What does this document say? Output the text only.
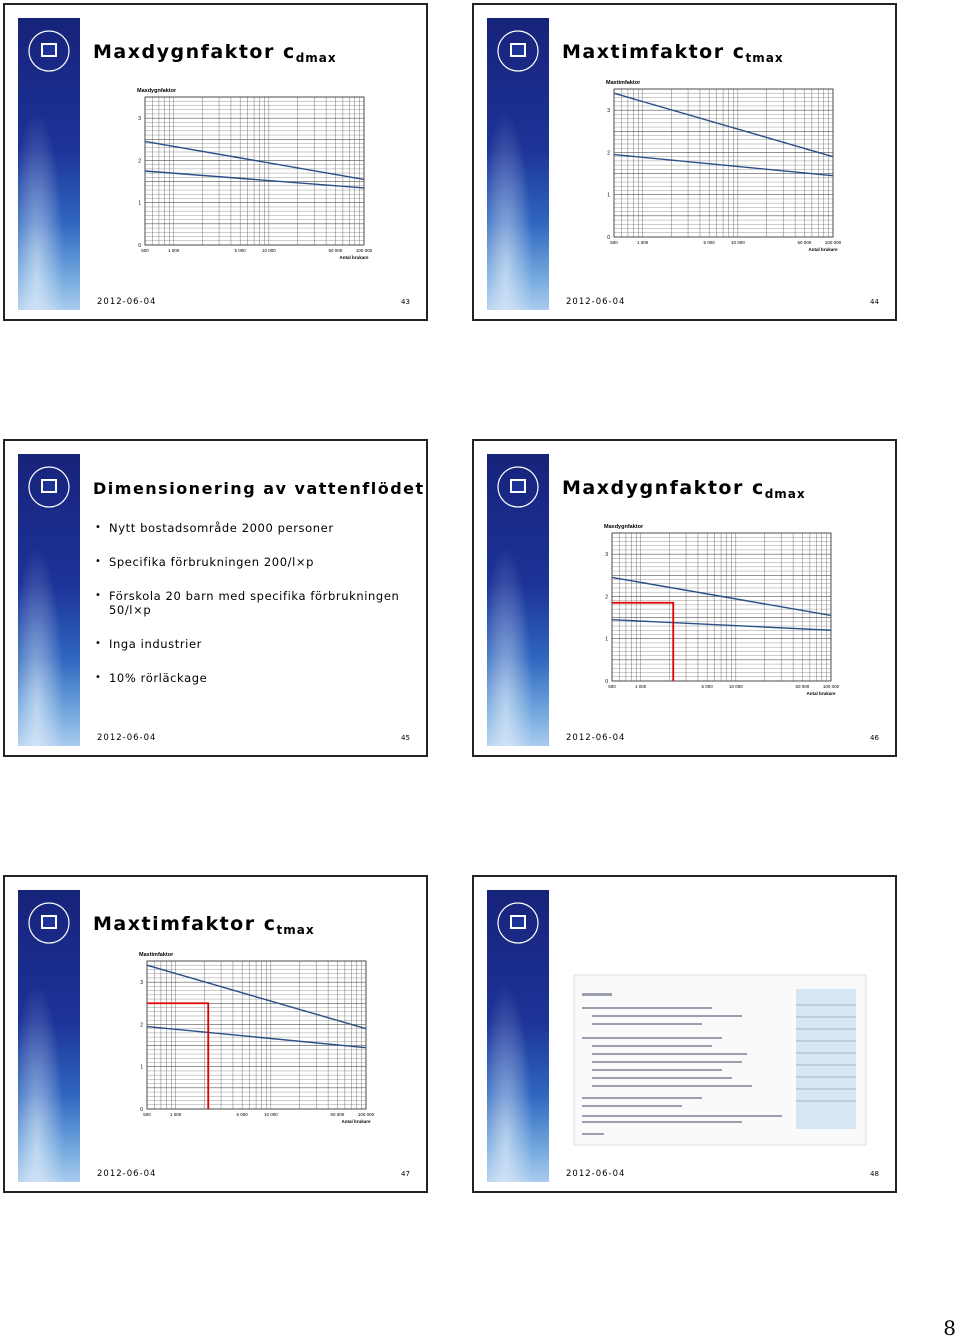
Maxdygnfaktor $c_{dmax}$
Maxdygnfaktor
0
1
2
3
500	1 000	5 000	10 000	50 000	100 000
Antal brukare
2012-06-04	43
Maxtimfaktor $c_{tmax}$
Maxtimfaktor
0
1
2
3
500	1 000	5 000	10 000	50 000	100 000
Antal brukare
2012-06-04	44
Dimensionering av vattenflödet
• Nytt bostadsområde 2000 personer
• Specifika förbrukningen 200/l×p
• Förskola 20 barn med specifika förbrukningen 50/l×p
• Inga industrier
• 10% rörläckage
2012-06-04	45
Maxdygnfaktor $c_{dmax}$
Maxdygnfaktor
0
1
2
3
500	1 000	5 000	10 000	50 000	100 000
Antal brukare
2012-06-04	46
Maxtimfaktor $c_{tmax}$
Maxtimfaktor
0
1
2
3
500	1 000	5 000	10 000	50 000	100 000
Antal brukare
2012-06-04	47	2012-06-04	48
8
